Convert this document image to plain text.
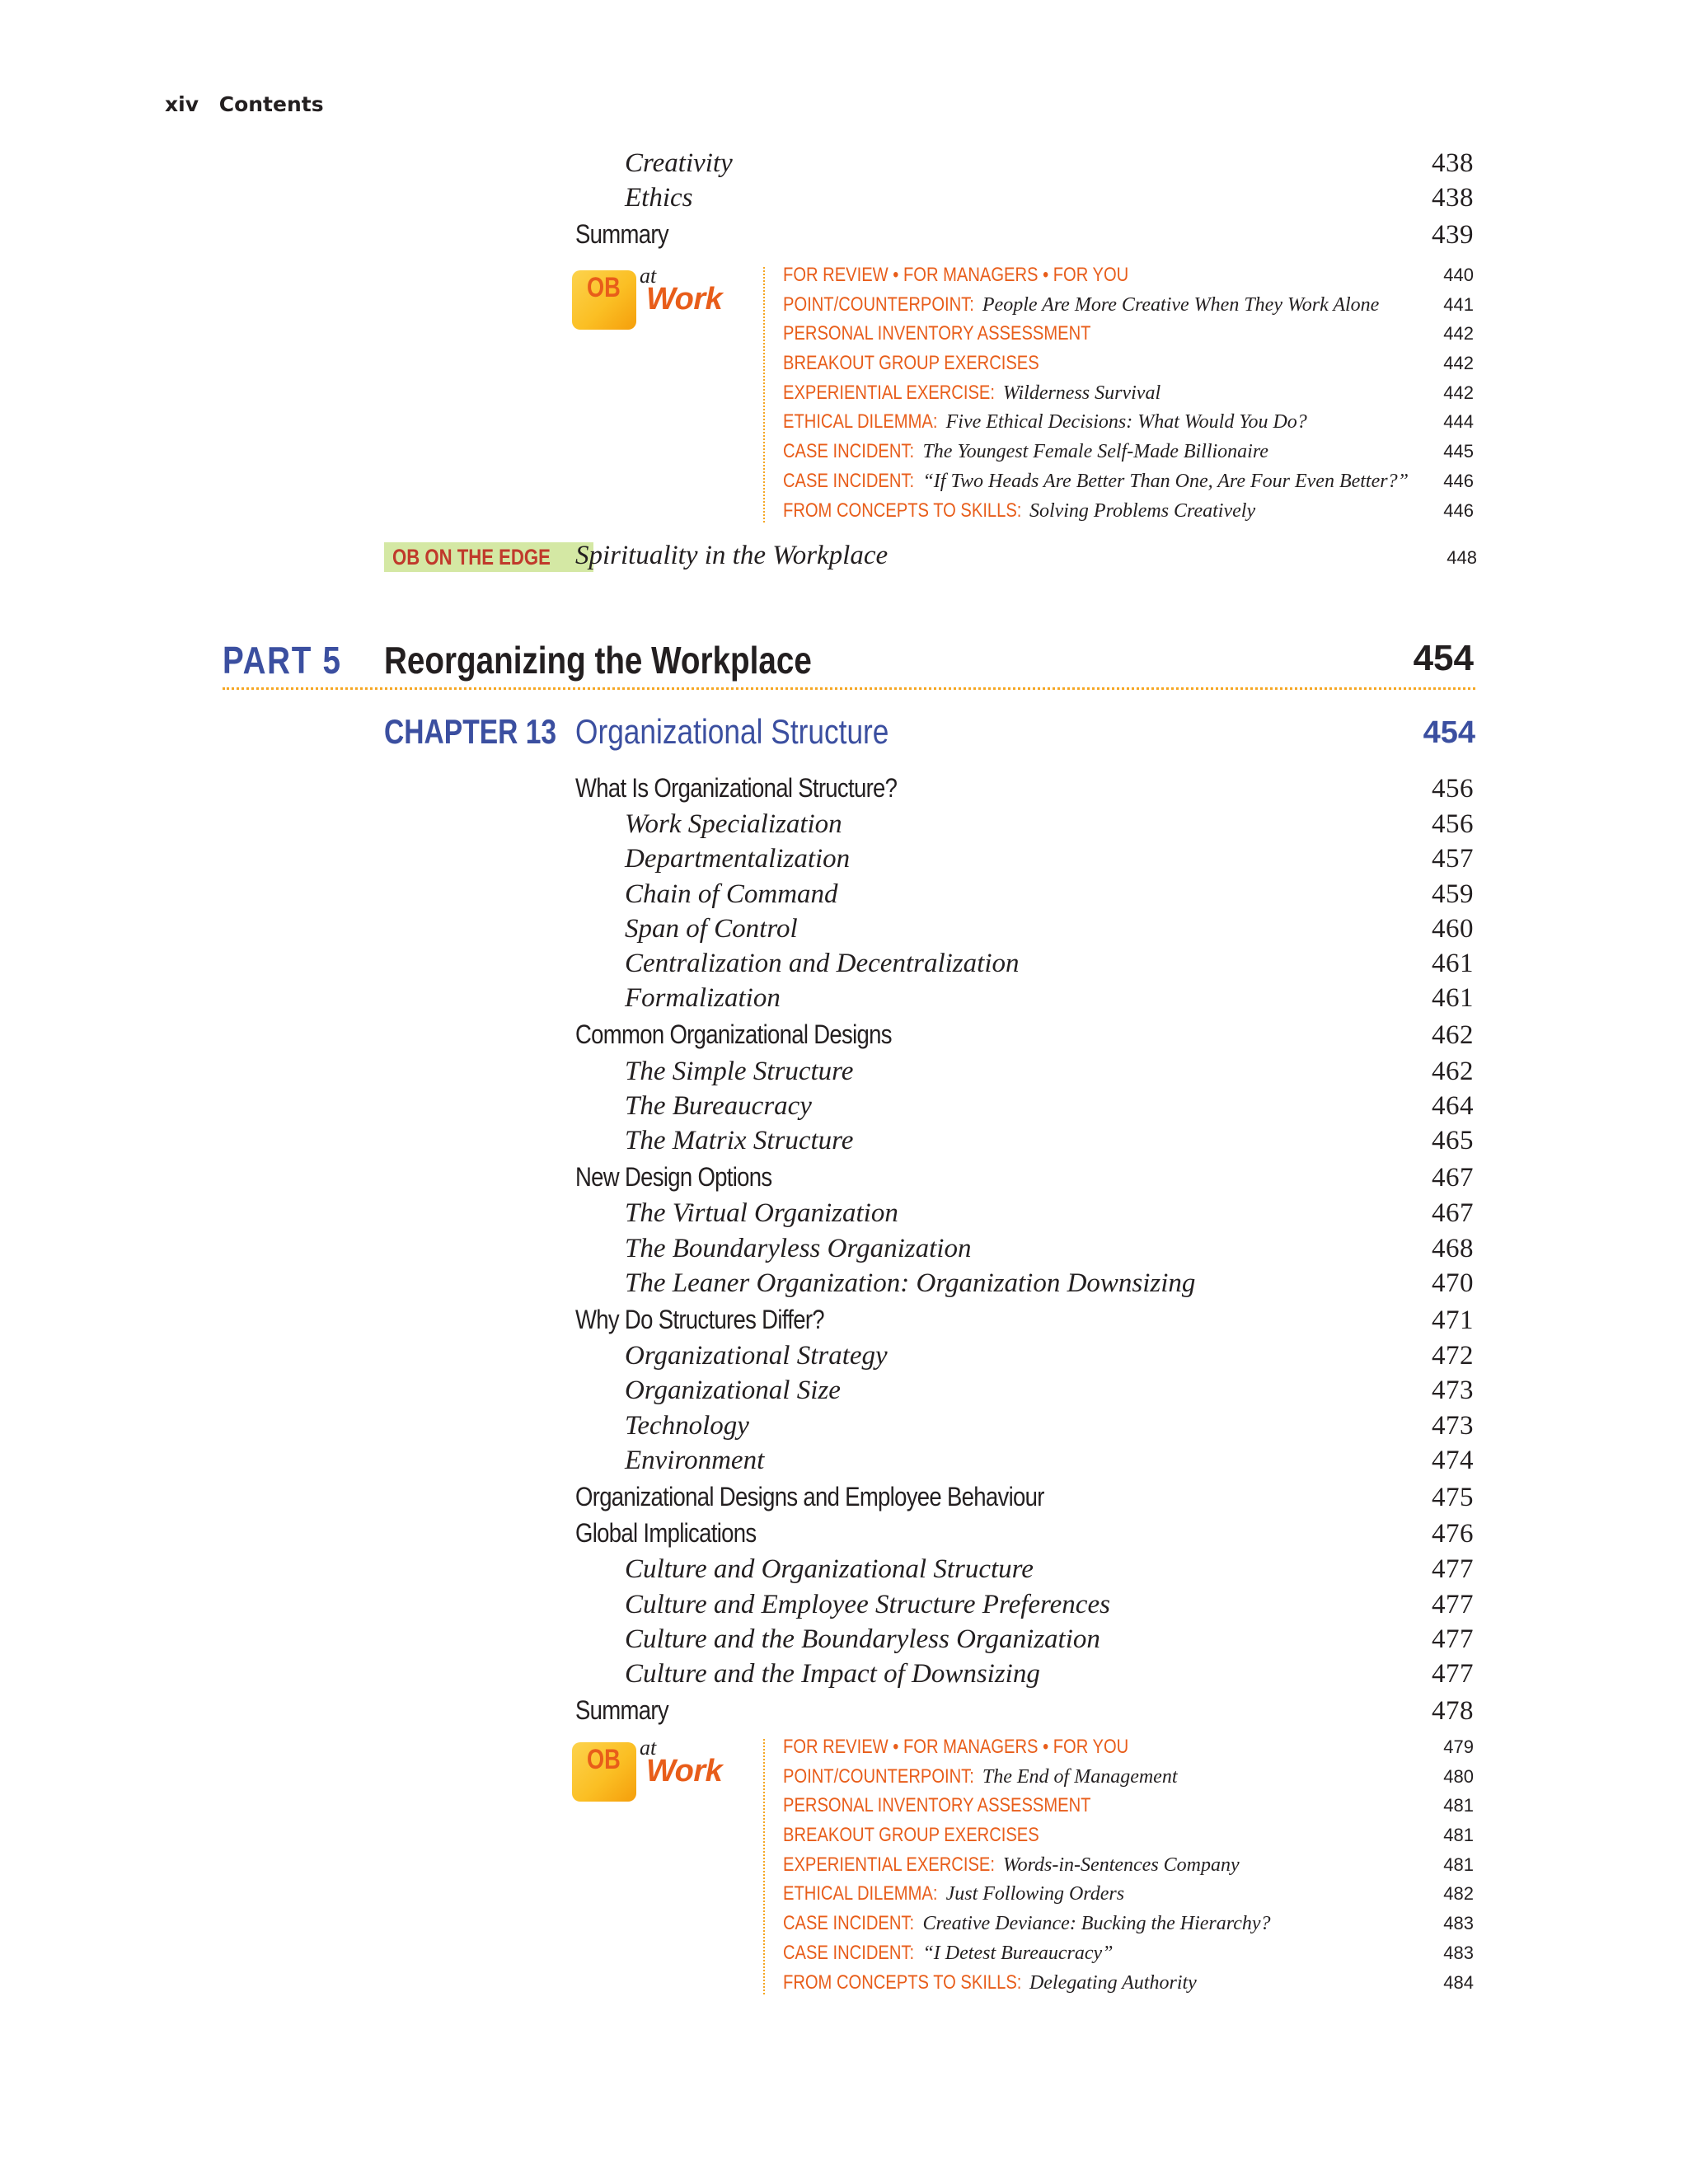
xiv Contents
Creativity	438
Ethics	438
Summary	439
OB at
Work
FOR REVIEW • FOR MANAGERS • FOR YOU	440
POINT/COUNTERPOINT: People Are More Creative When They Work Alone	441
PERSONAL INVENTORY ASSESSMENT	442
BREAKOUT GROUP EXERCISES	442
EXPERIENTIAL EXERCISE: Wilderness Survival	442
ETHICAL DILEMMA: Five Ethical Decisions: What Would You Do?	444
CASE INCIDENT: The Youngest Female Self-Made Billionaire	445
CASE INCIDENT: “If Two Heads Are Better Than One, Are Four Even Better?” 446
FROM CONCEPTS TO SKILLS: Solving Problems Creatively	446
OB ON THE EDGE Spirituality in the Workplace	448
PART 5 Reorganizing the Workplace	454
CHAPTER 13 Organizational Structure	454
What Is Organizational Structure?	456
Work Specialization	456
Departmentalization	457
Chain of Command	459
Span of Control	460
Centralization and Decentralization	461
Formalization	461
Common Organizational Designs	462
The Simple Structure	462
The Bureaucracy	464
The Matrix Structure	465
New Design Options	467
The Virtual Organization	467
The Boundaryless Organization	468
The Leaner Organization: Organization Downsizing	470
Why Do Structures Differ?	471
Organizational Strategy	472
Organizational Size	473
Technology	473
Environment	474
Organizational Designs and Employee Behaviour	475
Global Implications	476
Culture and Organizational Structure	477
Culture and Employee Structure Preferences	477
Culture and the Boundaryless Organization	477
Culture and the Impact of Downsizing	477
Summary	478
OB at
Work
FOR REVIEW • FOR MANAGERS • FOR YOU	479
POINT/COUNTERPOINT: The End of Management	480
PERSONAL INVENTORY ASSESSMENT	481
BREAKOUT GROUP EXERCISES	481
EXPERIENTIAL EXERCISE: Words-in-Sentences Company	481
ETHICAL DILEMMA: Just Following Orders	482
CASE INCIDENT: Creative Deviance: Bucking the Hierarchy?	483
CASE INCIDENT: “I Detest Bureaucracy”	483
FROM CONCEPTS TO SKILLS: Delegating Authority	484
